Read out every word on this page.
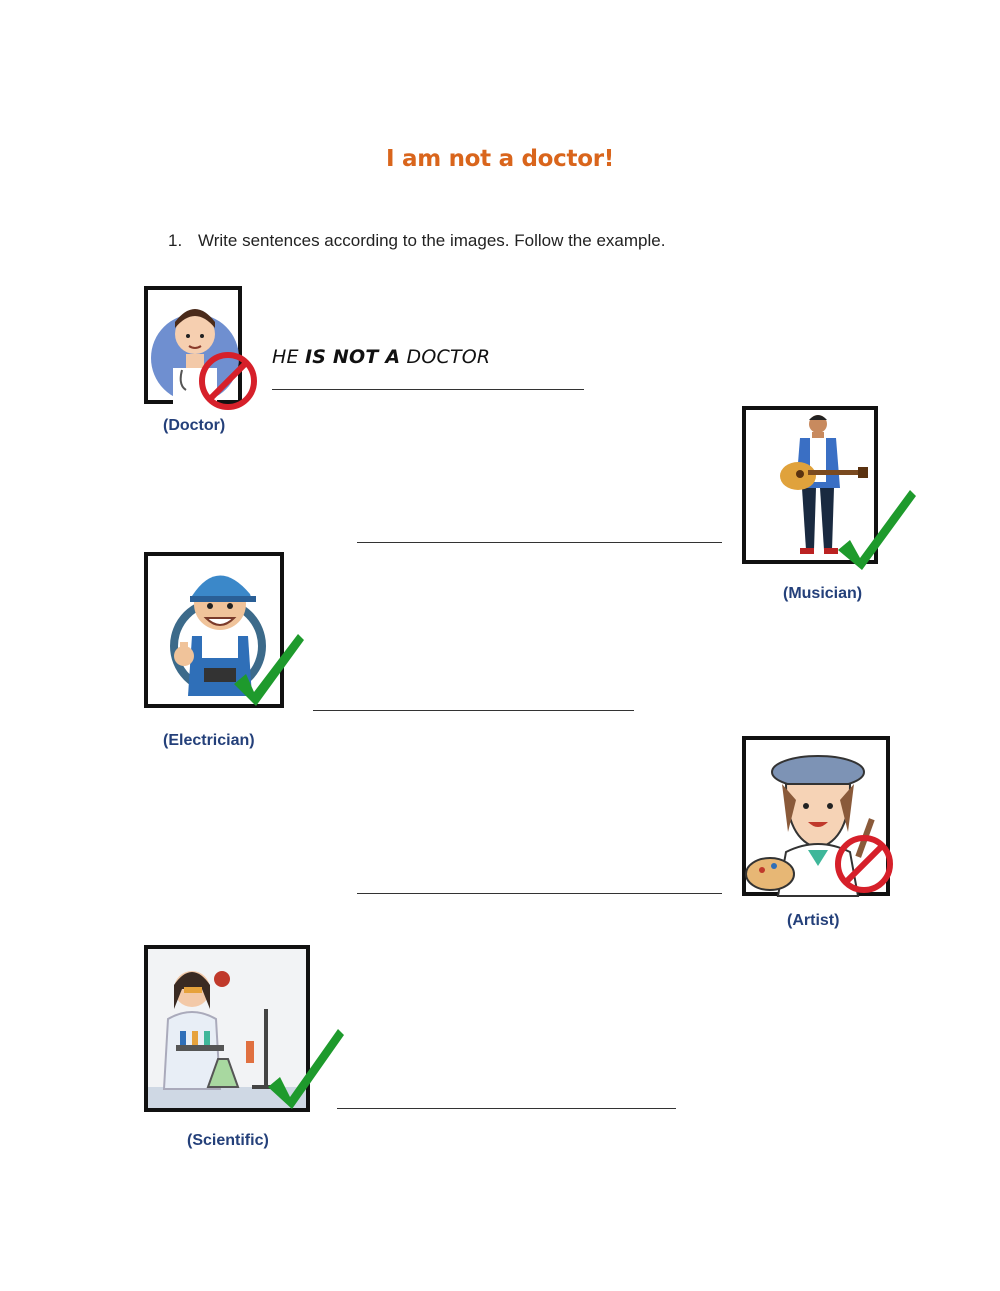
I am not a doctor!
1. Write sentences according to the images. Follow the example.
(Doctor)
HE IS NOT A DOCTOR
(Musician)
(Electrician)
(Artist)
(Scientific)
